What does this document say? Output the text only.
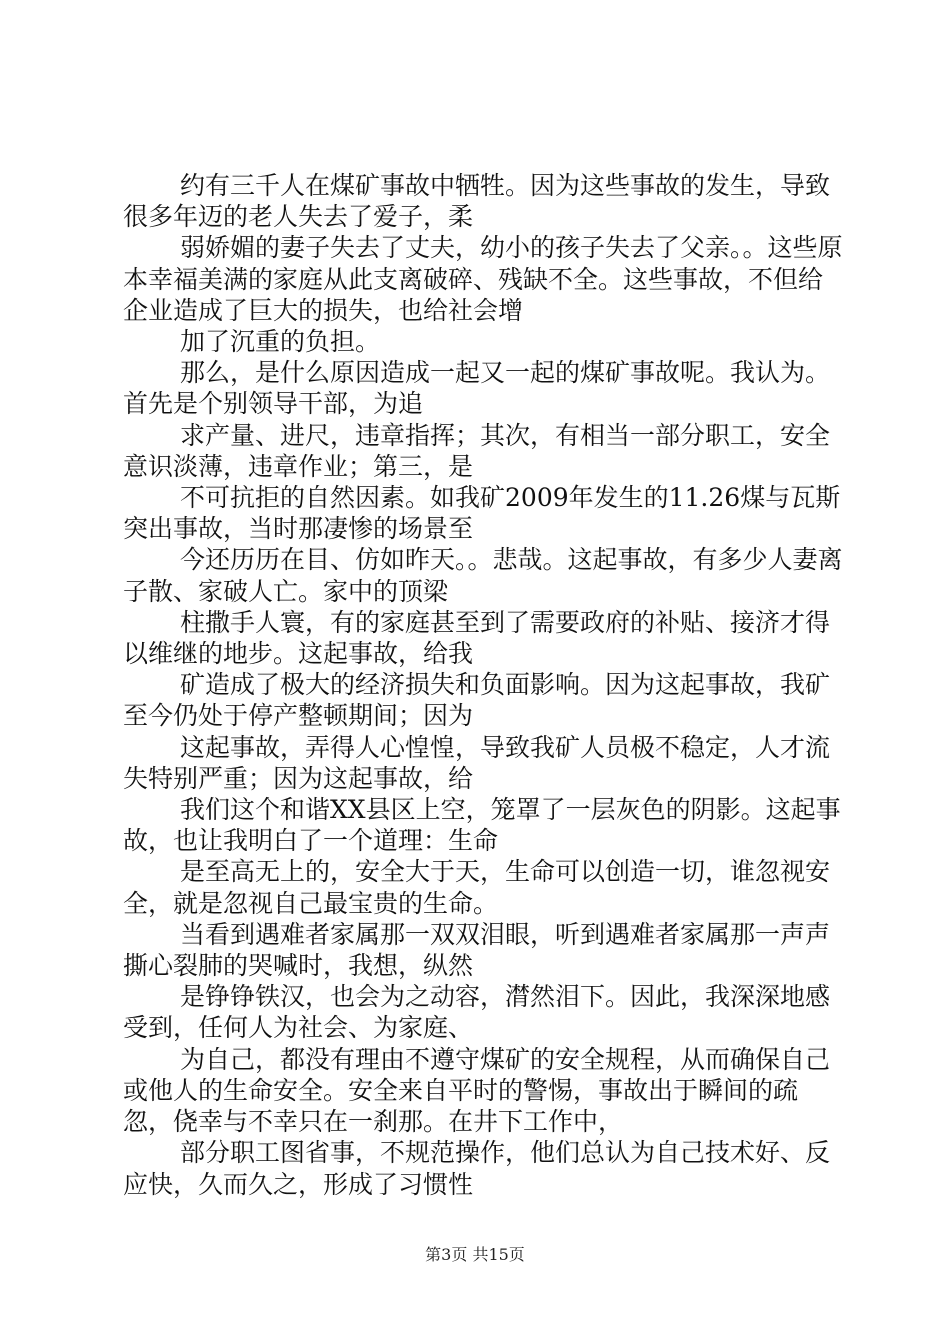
约有三千人在煤矿事故中牺牲。因为这些事故的发生，导致很多年迈的老人失去了爱子，柔

弱娇媚的妻子失去了丈夫，幼小的孩子失去了父亲。。这些原本幸福美满的家庭从此支离破碎、残缺不全。这些事故，不但给企业造成了巨大的损失，也给社会增

加了沉重的负担。

那么，是什么原因造成一起又一起的煤矿事故呢。我认为。首先是个别领导干部，为追

求产量、进尺，违章指挥；其次，有相当一部分职工，安全意识淡薄，违章作业；第三，是

不可抗拒的自然因素。如我矿2009年发生的11.26煤与瓦斯突出事故，当时那凄惨的场景至

今还历历在目、仿如昨天。。悲哉。这起事故，有多少人妻离子散、家破人亡。家中的顶梁

柱撒手人寰，有的家庭甚至到了需要政府的补贴、接济才得以维继的地步。这起事故，给我

矿造成了极大的经济损失和负面影响。因为这起事故，我矿至今仍处于停产整顿期间；因为

这起事故，弄得人心惶惶，导致我矿人员极不稳定，人才流失特别严重；因为这起事故，给

我们这个和谐XX县区上空，笼罩了一层灰色的阴影。这起事故，也让我明白了一个道理：生命

是至高无上的，安全大于天，生命可以创造一切，谁忽视安全，就是忽视自己最宝贵的生命。

当看到遇难者家属那一双双泪眼，听到遇难者家属那一声声撕心裂肺的哭喊时，我想，纵然

是铮铮铁汉，也会为之动容，潸然泪下。因此，我深深地感受到，任何人为社会、为家庭、

为自己，都没有理由不遵守煤矿的安全规程，从而确保自己或他人的生命安全。安全来自平时的警惕，事故出于瞬间的疏忽，侥幸与不幸只在一刹那。在井下工作中，

部分职工图省事，不规范操作，他们总认为自己技术好、反应快，久而久之，形成了习惯性

第3页 共15页
